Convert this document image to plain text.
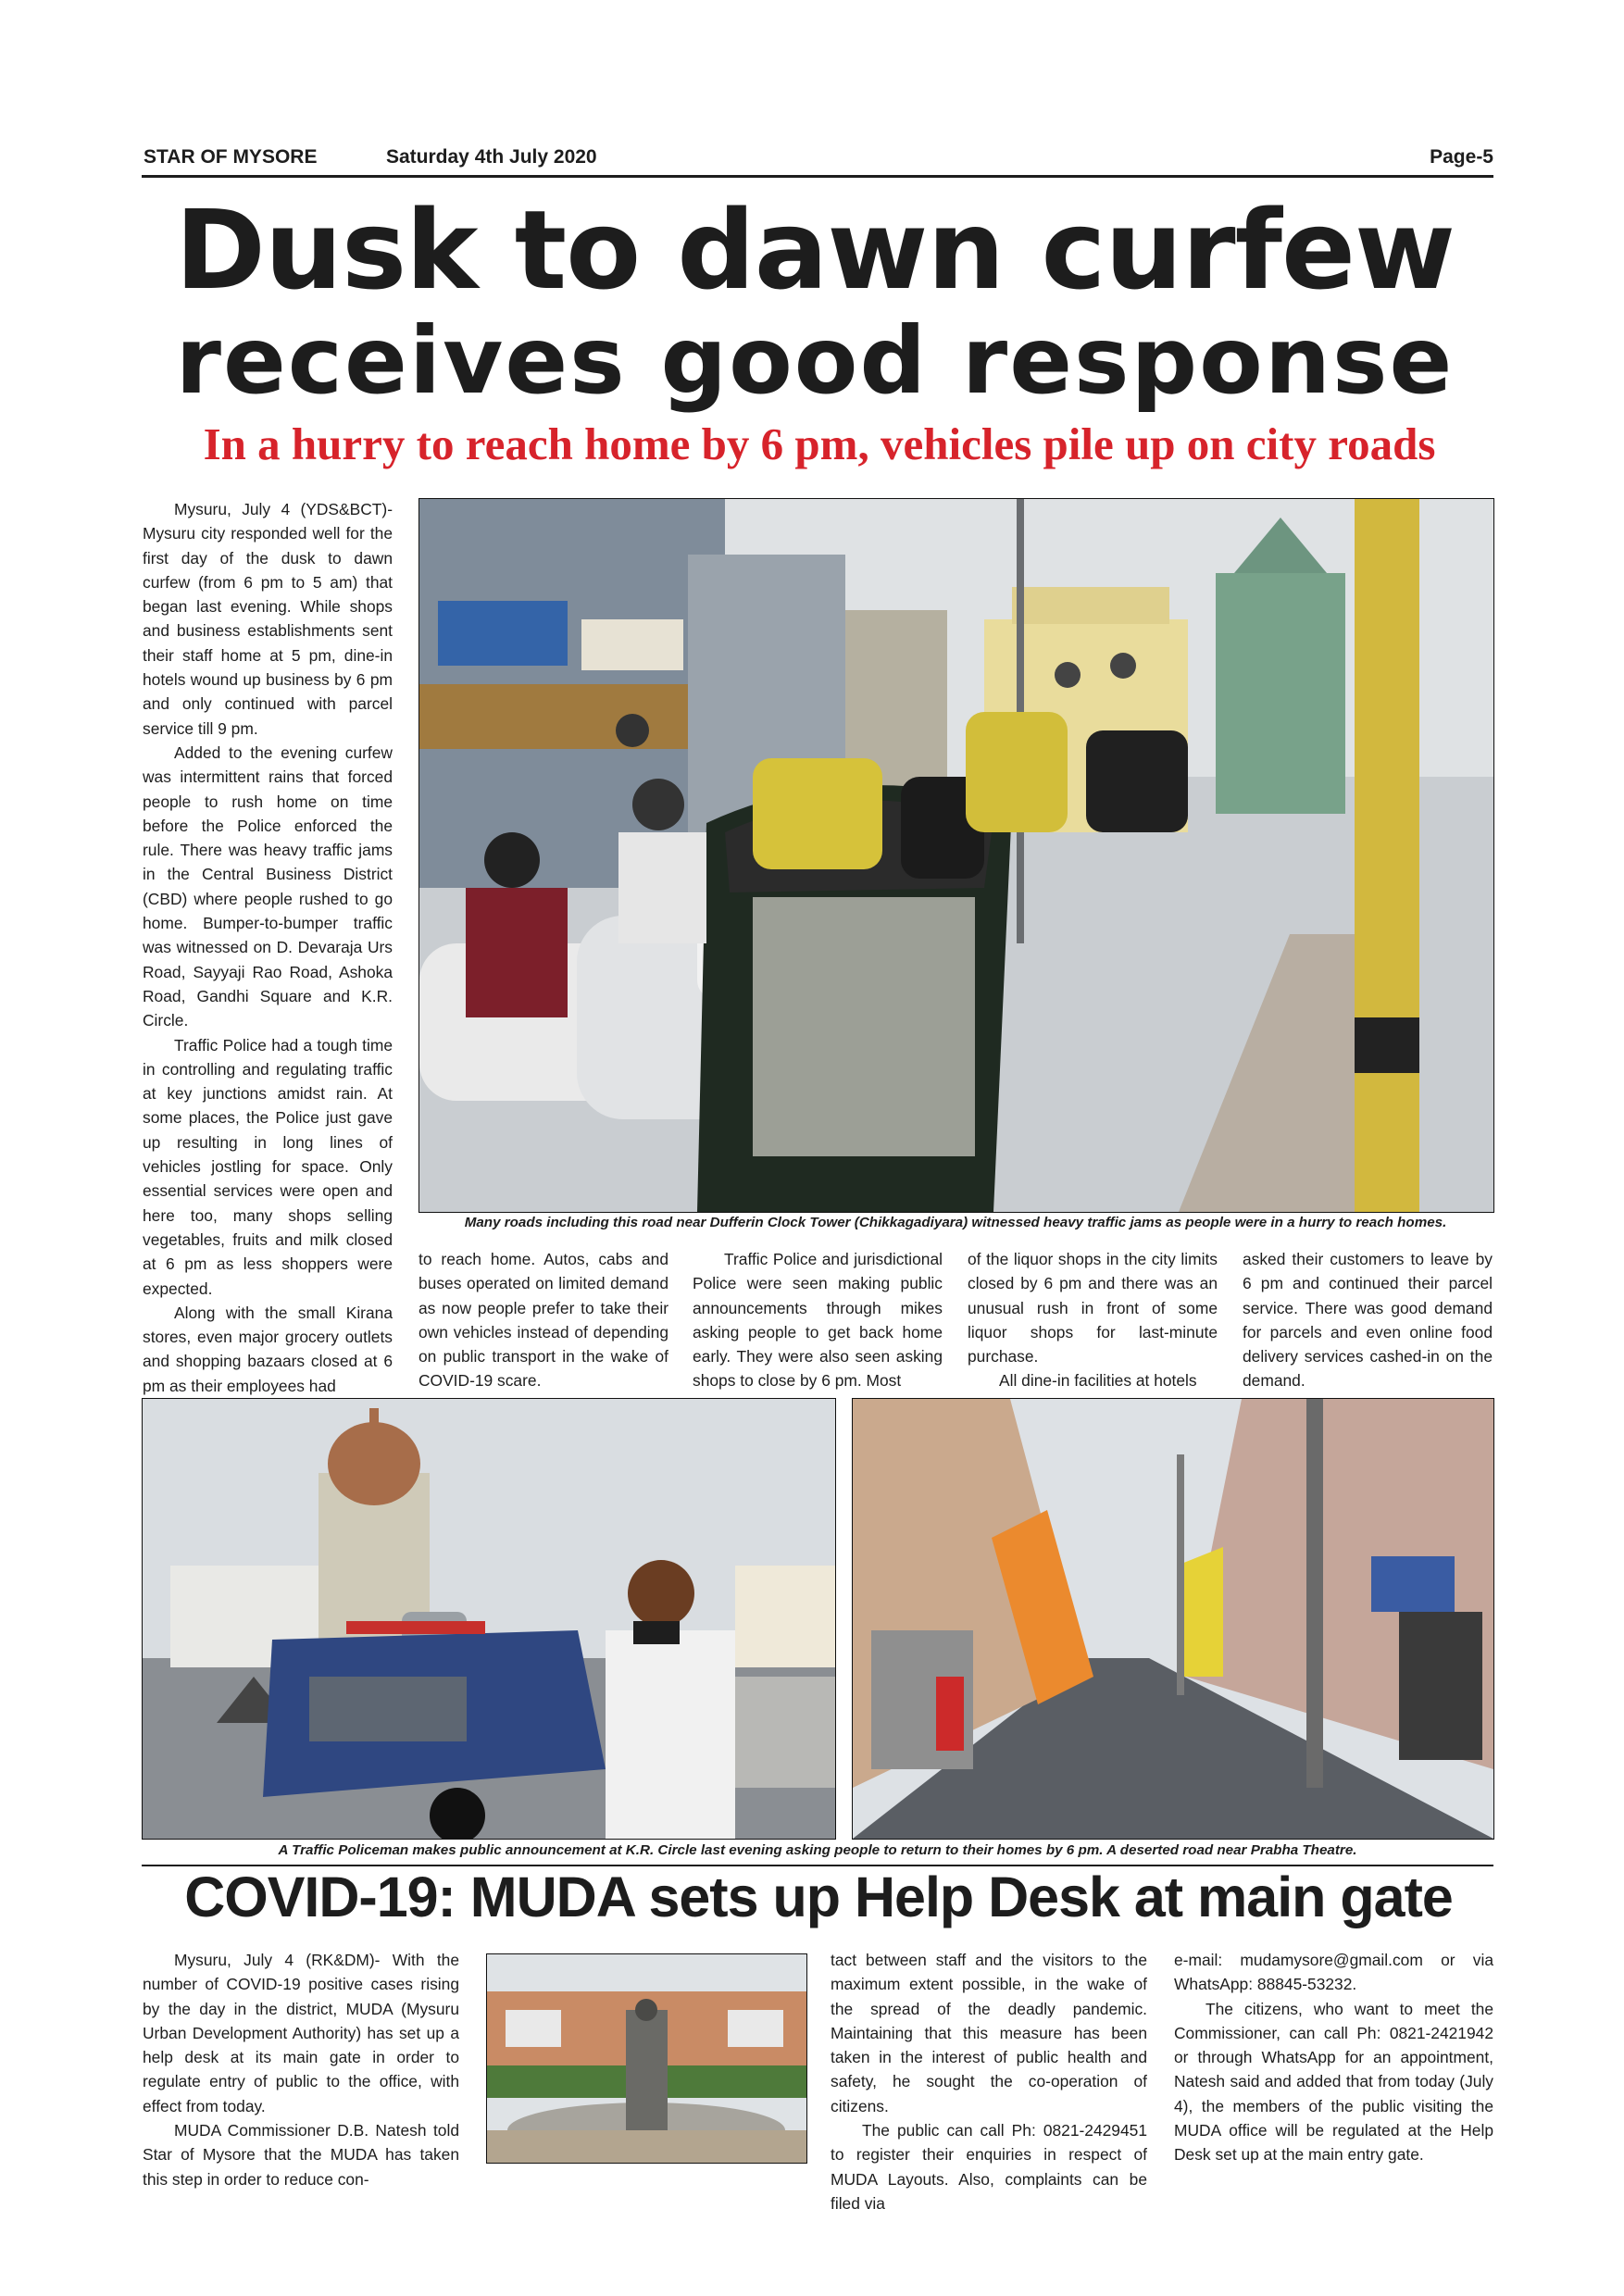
STAR OF MYSORE	Saturday 4th July 2020	Page-5
Dusk to dawn curfew
receives good response
In a hurry to reach home by 6 pm, vehicles pile up on city roads

Mysuru, July 4 (YDS&BCT)- Mysuru city responded well for the first day of the dusk to dawn curfew (from 6 pm to 5 am) that began last evening. While shops and business establishments sent their staff home at 5 pm, dine-in hotels wound up business by 6 pm and only continued with parcel service till 9 pm.

Added to the evening curfew was intermittent rains that forced people to rush home on time before the Police enforced the rule. There was heavy traffic jams in the Central Business District (CBD) where people rushed to go home. Bumper-to-bumper traffic was witnessed on D. Devaraja Urs Road, Sayyaji Rao Road, Ashoka Road, Gandhi Square and K.R. Circle.

Traffic Police had a tough time in controlling and regulating traffic at key junctions amidst rain. At some places, the Police just gave up resulting in long lines of vehicles jostling for space. Only essential services were open and here too, many shops selling vegetables, fruits and milk closed at 6 pm as less shoppers were expected.

Along with the small Kirana stores, even major grocery outlets and shopping bazaars closed at 6 pm as their employees had

Many roads including this road near Dufferin Clock Tower (Chikkagadiyara) witnessed heavy traffic jams as people were in a hurry to reach homes.

to reach home. Autos, cabs and buses operated on limited demand as now people prefer to take their own vehicles instead of depending on public transport in the wake of COVID-19 scare.

Traffic Police and jurisdictional Police were seen making public announcements through mikes asking people to get back home early. They were also seen asking shops to close by 6 pm. Most

of the liquor shops in the city limits closed by 6 pm and there was an unusual rush in front of some liquor shops for last-minute purchase.

All dine-in facilities at hotels

asked their customers to leave by 6 pm and continued their parcel service. There was good demand for parcels and even online food delivery services cashed-in on the demand.

A Traffic Policeman makes public announcement at K.R. Circle last evening asking people to return to their homes by 6 pm. A deserted road near Prabha Theatre.
COVID-19: MUDA sets up Help Desk at main gate

Mysuru, July 4 (RK&DM)- With the number of COVID-19 positive cases rising by the day in the district, MUDA (Mysuru Urban Development Authority) has set up a help desk at its main gate in order to regulate entry of public to the office, with effect from today.

MUDA Commissioner D.B. Natesh told Star of Mysore that the MUDA has taken this step in order to reduce con-

tact between staff and the visitors to the maximum extent possible, in the wake of the spread of the deadly pandemic. Maintaining that this measure has been taken in the interest of public health and safety, he sought the co-operation of citizens.

The public can call Ph: 0821-2429451 to register their enquiries in respect of MUDA Layouts. Also, complaints can be filed via

e-mail: mudamysore@gmail.com or via WhatsApp: 88845-53232.

The citizens, who want to meet the Commissioner, can call Ph: 0821-2421942 or through WhatsApp for an appointment, Natesh said and added that from today (July 4), the members of the public visiting the MUDA office will be regulated at the Help Desk set up at the main entry gate.
